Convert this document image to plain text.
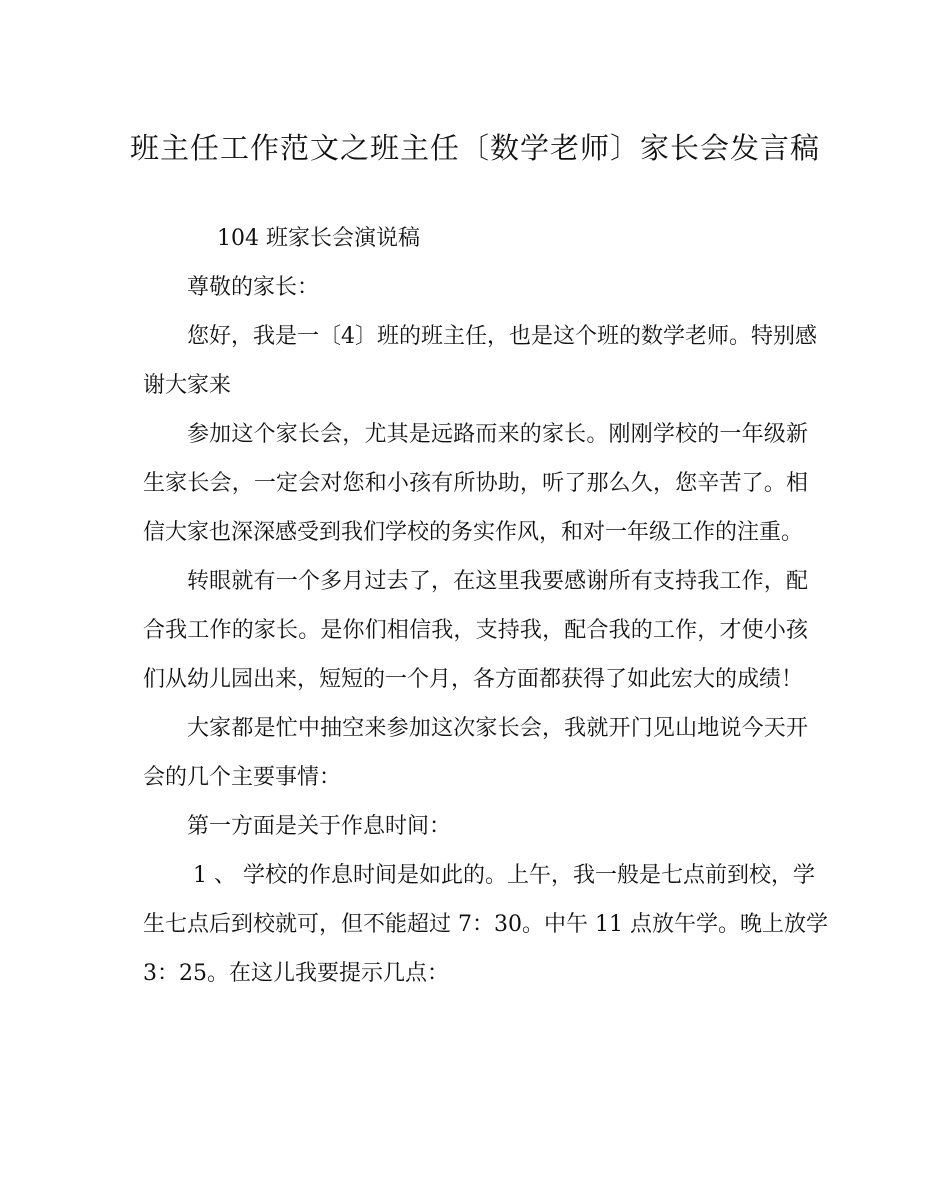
班主任工作范文之班主任〔数学老师〕家长会发言稿
104 班家长会演说稿
尊敬的家长：
您好，我是一〔4〕班的班主任，也是这个班的数学老师。特别感
谢大家来
参加这个家长会，尤其是远路而来的家长。刚刚学校的一年级新
生家长会，一定会对您和小孩有所协助，听了那么久，您辛苦了。相
信大家也深深感受到我们学校的务实作风，和对一年级工作的注重。
转眼就有一个多月过去了，在这里我要感谢所有支持我工作，配
合我工作的家长。是你们相信我，支持我，配合我的工作，才使小孩
们从幼儿园出来，短短的一个月，各方面都获得了如此宏大的成绩！
大家都是忙中抽空来参加这次家长会，我就开门见山地说今天开
会的几个主要事情：
第一方面是关于作息时间：
1 、 学校的作息时间是如此的。上午，我一般是七点前到校，学
生七点后到校就可，但不能超过 7：30。中午 11 点放午学。晚上放学
3：25。在这儿我要提示几点：
